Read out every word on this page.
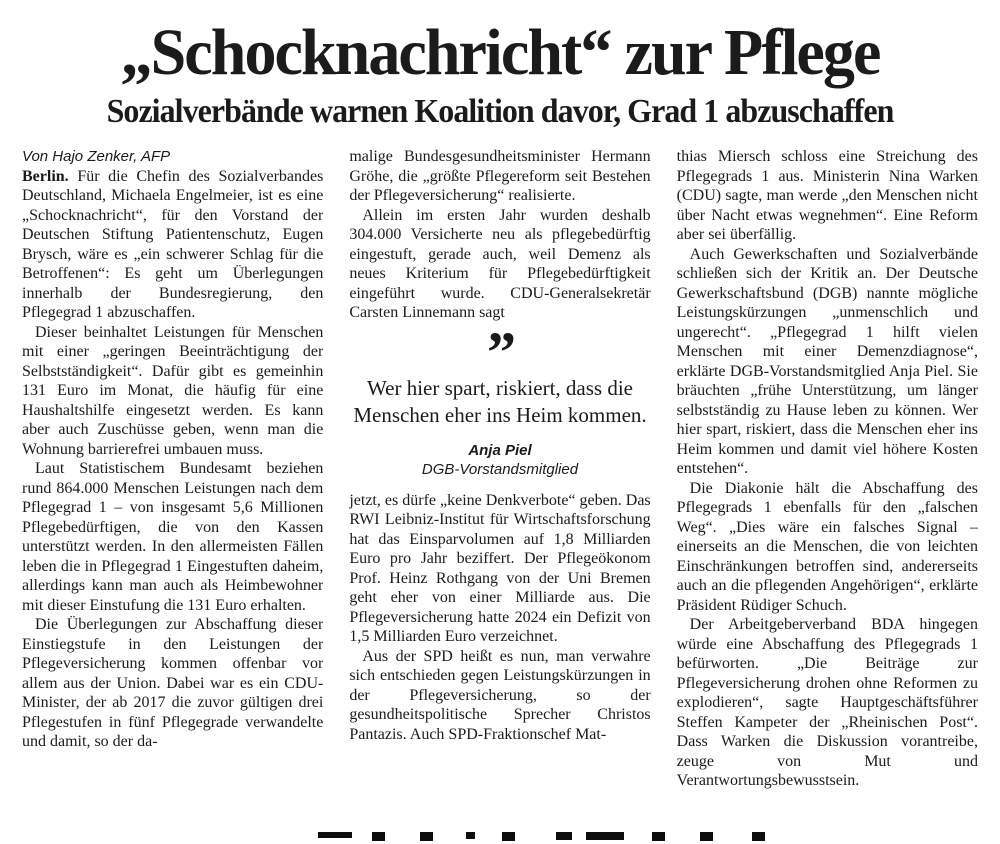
„Schocknachricht“ zur Pflege
Sozialverbände warnen Koalition davor, Grad 1 abzuschaffen

Von Hajo Zenker, AFP

Berlin. Für die Chefin des Sozialverbandes Deutschland, Michaela Engelmeier, ist es eine „Schocknachricht“, für den Vorstand der Deutschen Stiftung Patientenschutz, Eugen Brysch, wäre es „ein schwerer Schlag für die Betroffenen“: Es geht um Überlegungen innerhalb der Bundesregierung, den Pflegegrad 1 abzuschaffen.

Dieser beinhaltet Leistungen für Menschen mit einer „geringen Beeinträchtigung der Selbstständigkeit“. Dafür gibt es gemeinhin 131 Euro im Monat, die häufig für eine Haushaltshilfe eingesetzt werden. Es kann aber auch Zuschüsse geben, wenn man die Wohnung barrierefrei umbauen muss.

Laut Statistischem Bundesamt beziehen rund 864.000 Menschen Leistungen nach dem Pflegegrad 1 – von insgesamt 5,6 Millionen Pflegebedürftigen, die von den Kassen unterstützt werden. In den allermeisten Fällen leben die in Pflegegrad 1 Eingestuften daheim, allerdings kann man auch als Heimbewohner mit dieser Einstufung die 131 Euro erhalten.

Die Überlegungen zur Abschaffung dieser Einstiegstufe in den Leistungen der Pflegeversicherung kommen offenbar vor allem aus der Union. Dabei war es ein CDU-Minister, der ab 2017 die zuvor gültigen drei Pflegestufen in fünf Pflegegrade verwandelte und damit, so der da-

malige Bundesgesundheitsminister Hermann Gröhe, die „größte Pflegereform seit Bestehen der Pflegeversicherung“ realisierte.

Allein im ersten Jahr wurden deshalb 304.000 Versicherte neu als pflegebedürftig eingestuft, gerade auch, weil Demenz als neues Kriterium für Pflegebedürftigkeit eingeführt wurde. CDU-Generalsekretär Carsten Linnemann sagt

”
Wer hier spart, riskiert, dass die Menschen eher ins Heim kommen.
Anja Piel
DGB-Vorstandsmitglied

jetzt, es dürfe „keine Denkverbote“ geben. Das RWI Leibniz-Institut für Wirtschaftsforschung hat das Einsparvolumen auf 1,8 Milliarden Euro pro Jahr beziffert. Der Pflegeökonom Prof. Heinz Rothgang von der Uni Bremen geht eher von einer Milliarde aus. Die Pflegeversicherung hatte 2024 ein Defizit von 1,5 Milliarden Euro verzeichnet.

Aus der SPD heißt es nun, man verwahre sich entschieden gegen Leistungskürzungen in der Pflegeversicherung, so der gesundheitspolitische Sprecher Christos Pantazis. Auch SPD-Fraktionschef Mat-

thias Miersch schloss eine Streichung des Pflegegrads 1 aus. Ministerin Nina Warken (CDU) sagte, man werde „den Menschen nicht über Nacht etwas wegnehmen“. Eine Reform aber sei überfällig.

Auch Gewerkschaften und Sozialverbände schließen sich der Kritik an. Der Deutsche Gewerkschaftsbund (DGB) nannte mögliche Leistungskürzungen „unmenschlich und ungerecht“. „Pflegegrad 1 hilft vielen Menschen mit einer Demenzdiagnose“, erklärte DGB-Vorstandsmitglied Anja Piel. Sie bräuchten „frühe Unterstützung, um länger selbstständig zu Hause leben zu können. Wer hier spart, riskiert, dass die Menschen eher ins Heim kommen und damit viel höhere Kosten entstehen“.

Die Diakonie hält die Abschaffung des Pflegegrads 1 ebenfalls für den „falschen Weg“. „Dies wäre ein falsches Signal – einerseits an die Menschen, die von leichten Einschränkungen betroffen sind, andererseits auch an die pflegenden Angehörigen“, erklärte Präsident Rüdiger Schuch.

Der Arbeitgeberverband BDA hingegen würde eine Abschaffung des Pflegegrads 1 befürworten. „Die Beiträge zur Pflegeversicherung drohen ohne Reformen zu explodieren“, sagte Hauptgeschäftsführer Steffen Kampeter der „Rheinischen Post“. Dass Warken die Diskussion vorantreibe, zeuge von Mut und Verantwortungsbewusstsein.
